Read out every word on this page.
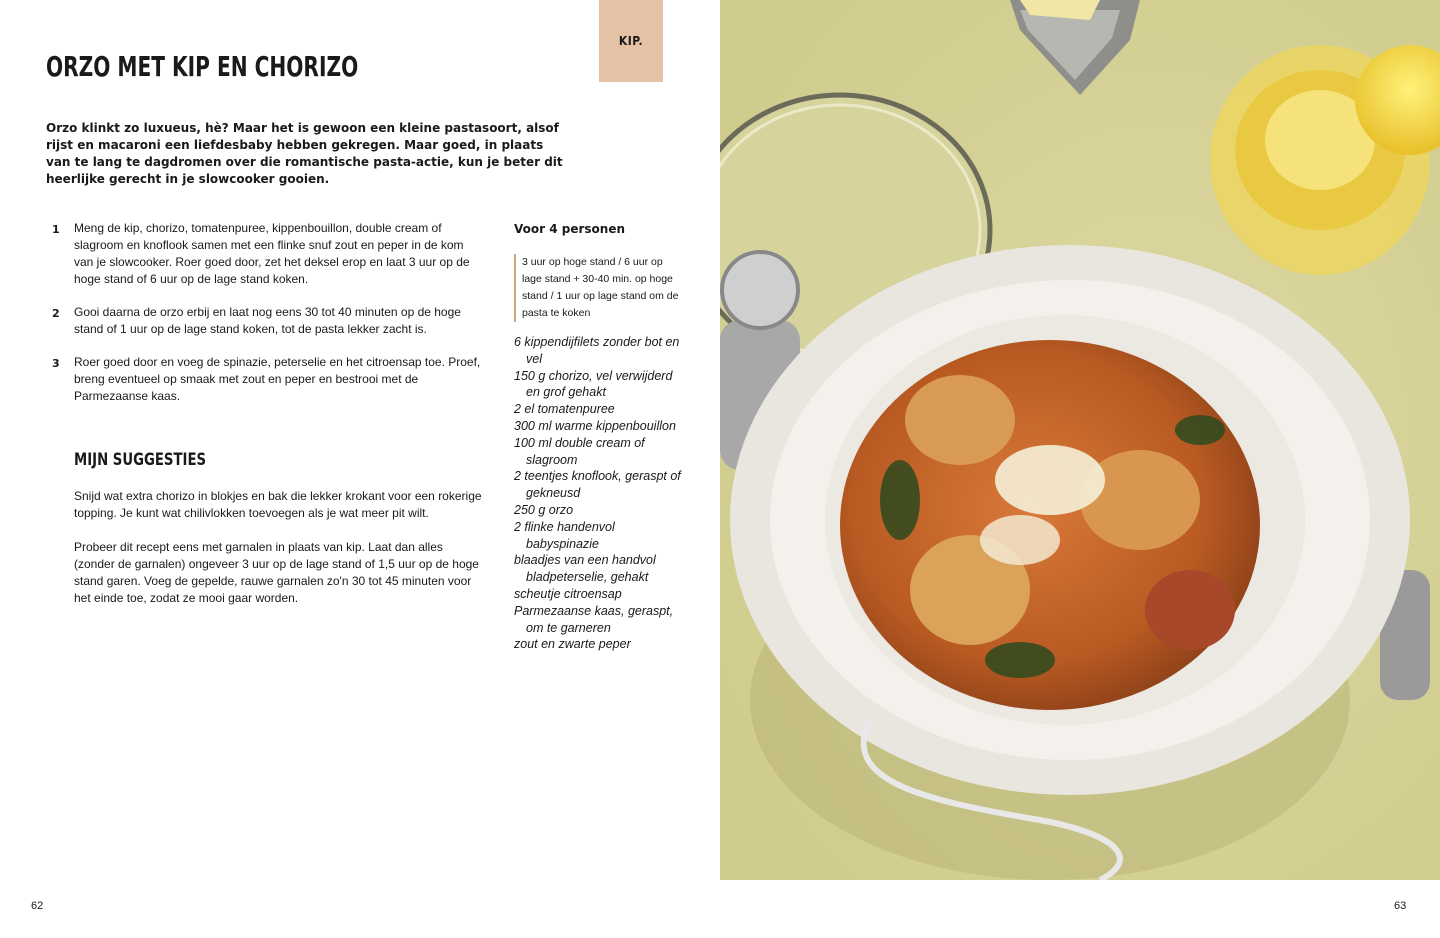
KIP.
ORZO MET KIP EN CHORIZO

Orzo klinkt zo luxueus, hè? Maar het is gewoon een kleine pastasoort, alsof rijst en macaroni een liefdesbaby hebben gekregen. Maar goed, in plaats van te lang te dagdromen over die romantische pasta-actie, kun je beter dit heerlijke gerecht in je slowcooker gooien.

1	Meng de kip, chorizo, tomatenpuree, kippenbouillon, double cream of slagroom en knoflook samen met een flinke snuf zout en peper in de kom van je slowcooker. Roer goed door, zet het deksel erop en laat 3 uur op de hoge stand of 6 uur op de lage stand koken.
2	Gooi daarna de orzo erbij en laat nog eens 30 tot 40 minuten op de hoge stand of 1 uur op de lage stand koken, tot de pasta lekker zacht is.
3	Roer goed door en voeg de spinazie, peterselie en het citroensap toe. Proef, breng eventueel op smaak met zout en peper en bestrooi met de Parmezaanse kaas.
MIJN SUGGESTIES

Snijd wat extra chorizo in blokjes en bak die lekker krokant voor een rokerige topping. Je kunt wat chilivlokken toevoegen als je wat meer pit wilt.

Probeer dit recept eens met garnalen in plaats van kip. Laat dan alles (zonder de garnalen) ongeveer 3 uur op de lage stand of 1,5 uur op de hoge stand garen. Voeg de gepelde, rauwe garnalen zo'n 30 tot 45 minuten voor het einde toe, zodat ze mooi gaar worden.

Voor 4 personen

3 uur op hoge stand / 6 uur op lage stand + 30-40 min. op hoge stand / 1 uur op lage stand om de pasta te koken
6 kippendijfilets zonder bot en vel
150 g chorizo, vel verwijderd en grof gehakt
2 el tomatenpuree
300 ml warme kippenbouillon
100 ml double cream of slagroom
2 teentjes knoflook, geraspt of gekneusd
250 g orzo
2 flinke handenvol babyspinazie
blaadjes van een handvol bladpeterselie, gehakt
scheutje citroensap
Parmezaanse kaas, geraspt, om te garneren
zout en zwarte peper
62	63
